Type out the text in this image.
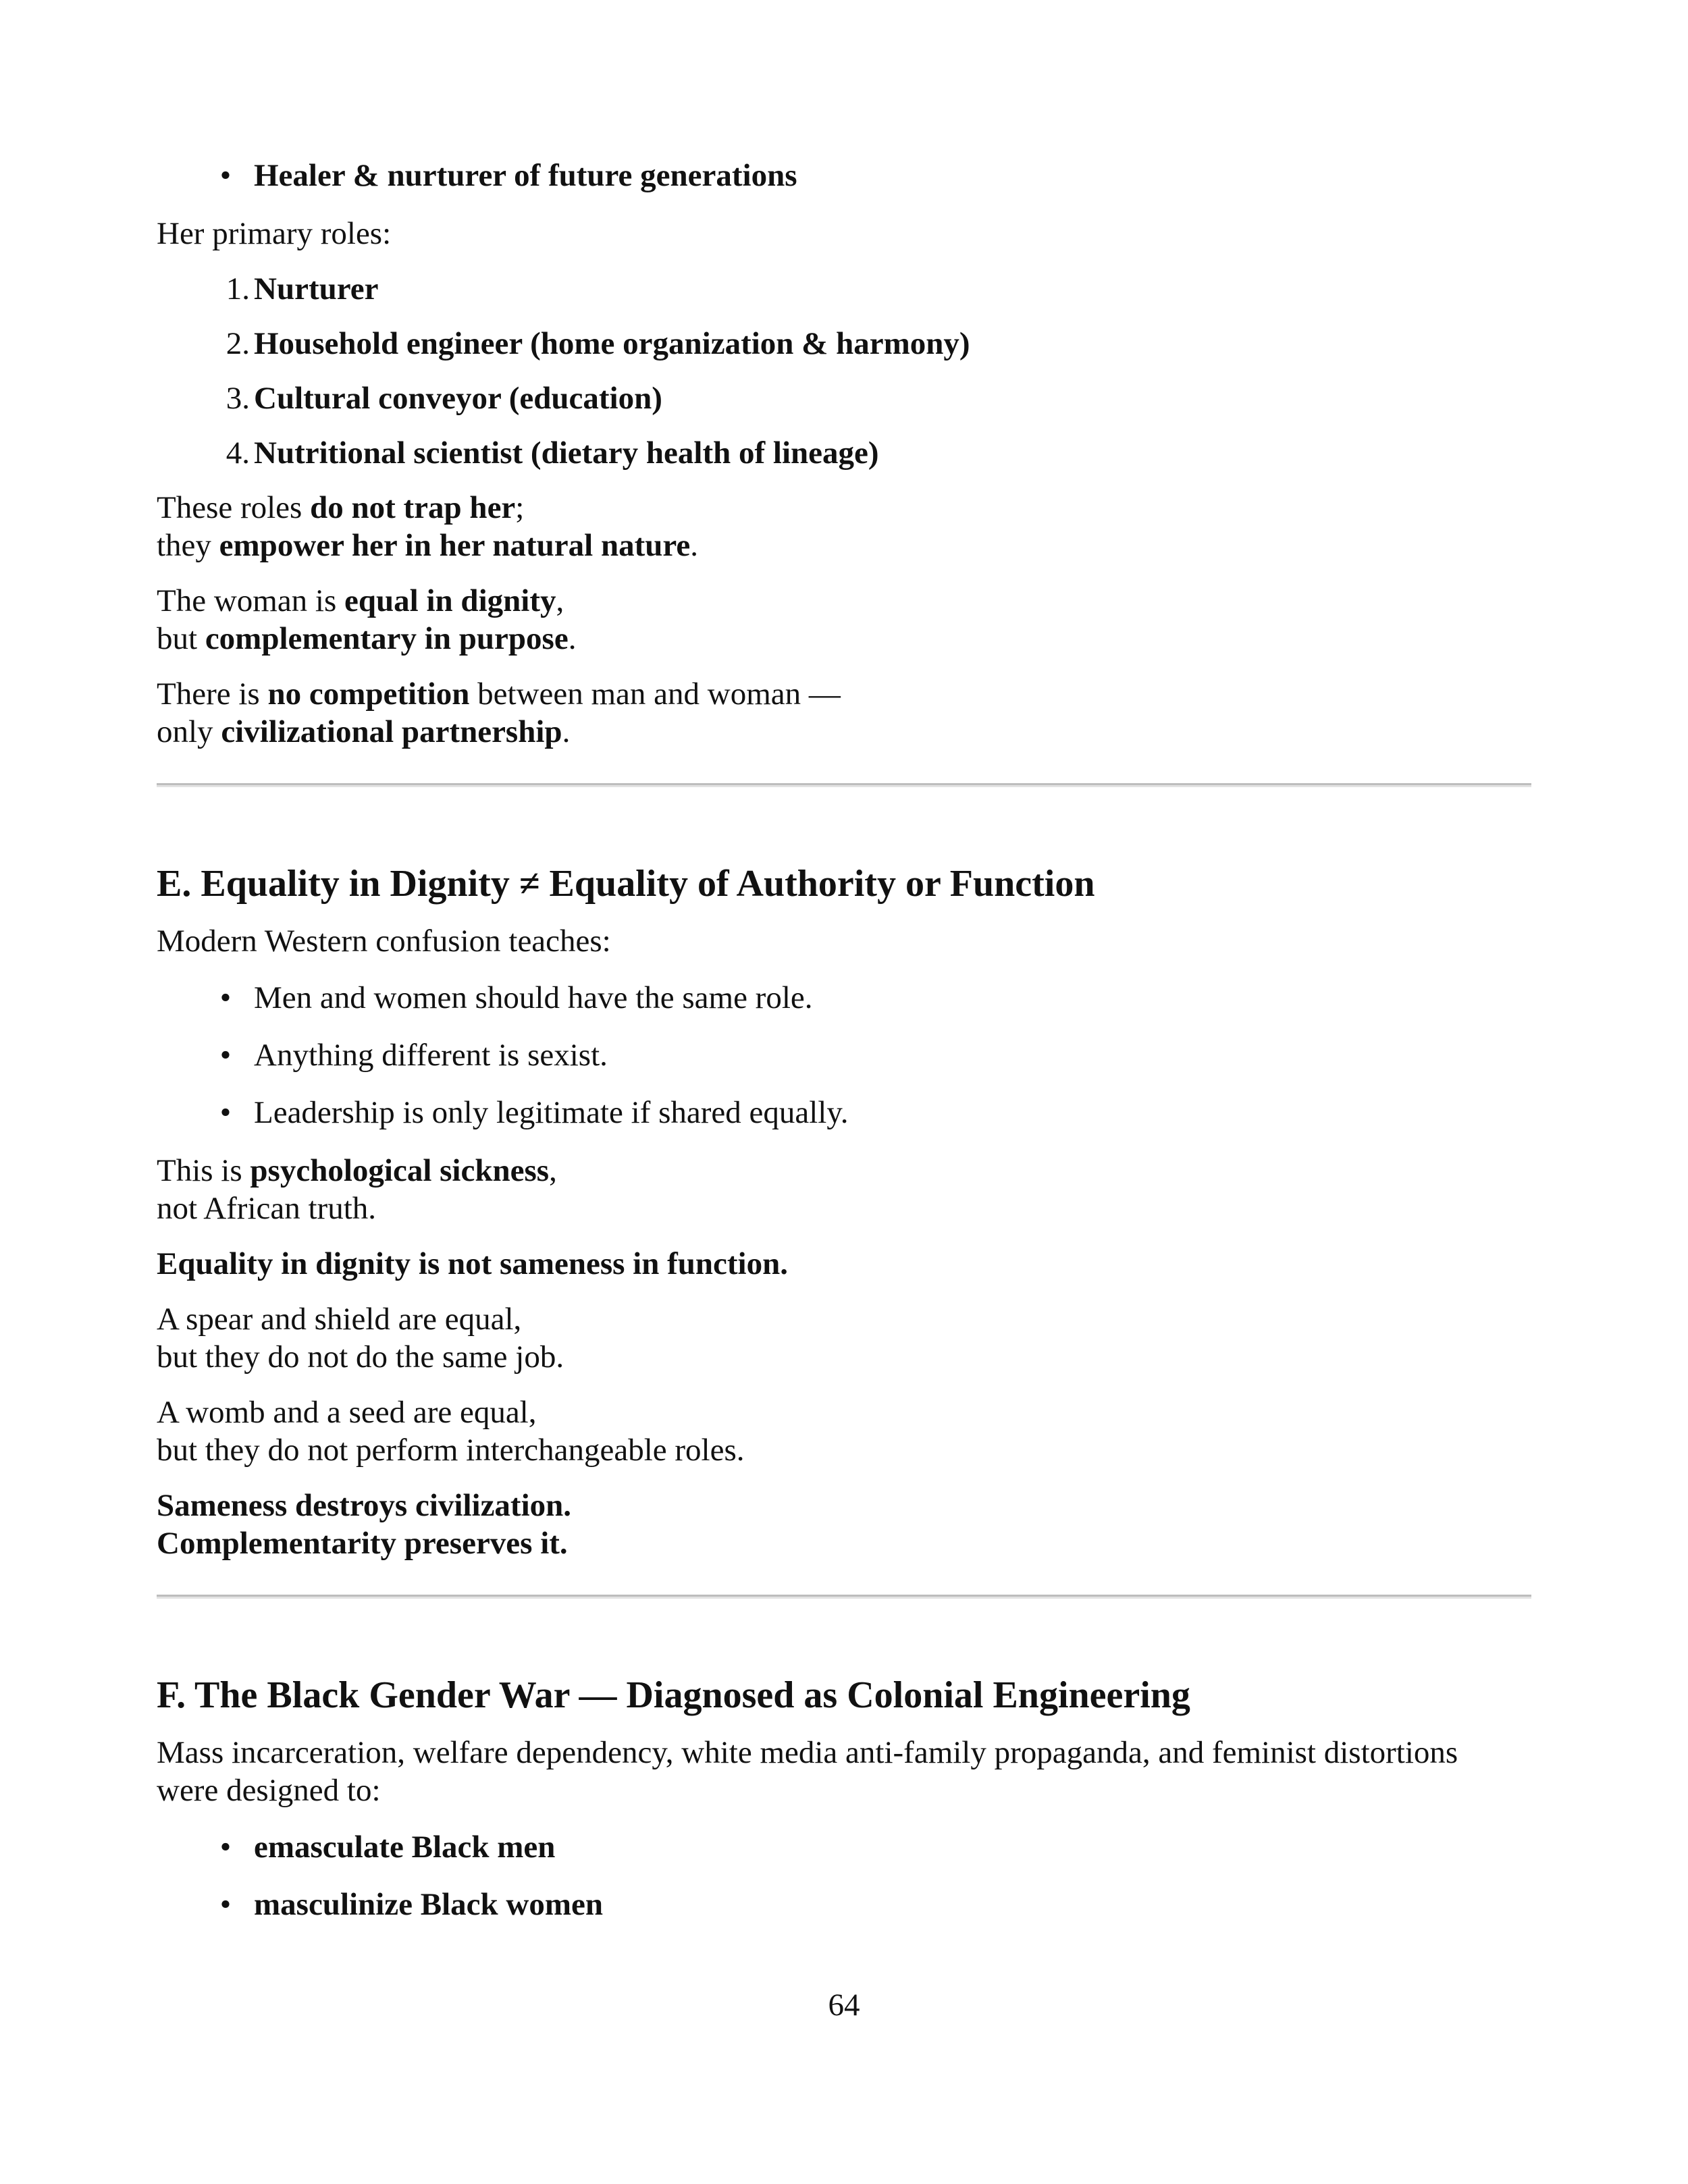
• Healer & nurturer of future generations

Her primary roles:

1. Nurturer
2. Household engineer (home organization & harmony)
3. Cultural conveyor (education)
4. Nutritional scientist (dietary health of lineage)

These roles do not trap her;
they empower her in her natural nature.

The woman is equal in dignity,
but complementary in purpose.

There is no competition between man and woman —
only civilizational partnership.

E. Equality in Dignity ≠ Equality of Authority or Function

Modern Western confusion teaches:

• Men and women should have the same role.
• Anything different is sexist.
• Leadership is only legitimate if shared equally.

This is psychological sickness,
not African truth.

Equality in dignity is not sameness in function.

A spear and shield are equal,
but they do not do the same job.

A womb and a seed are equal,
but they do not perform interchangeable roles.

Sameness destroys civilization.
Complementarity preserves it.

F. The Black Gender War — Diagnosed as Colonial Engineering

Mass incarceration, welfare dependency, white media anti-family propaganda, and feminist distortions
were designed to:

• emasculate Black men
• masculinize Black women
64
